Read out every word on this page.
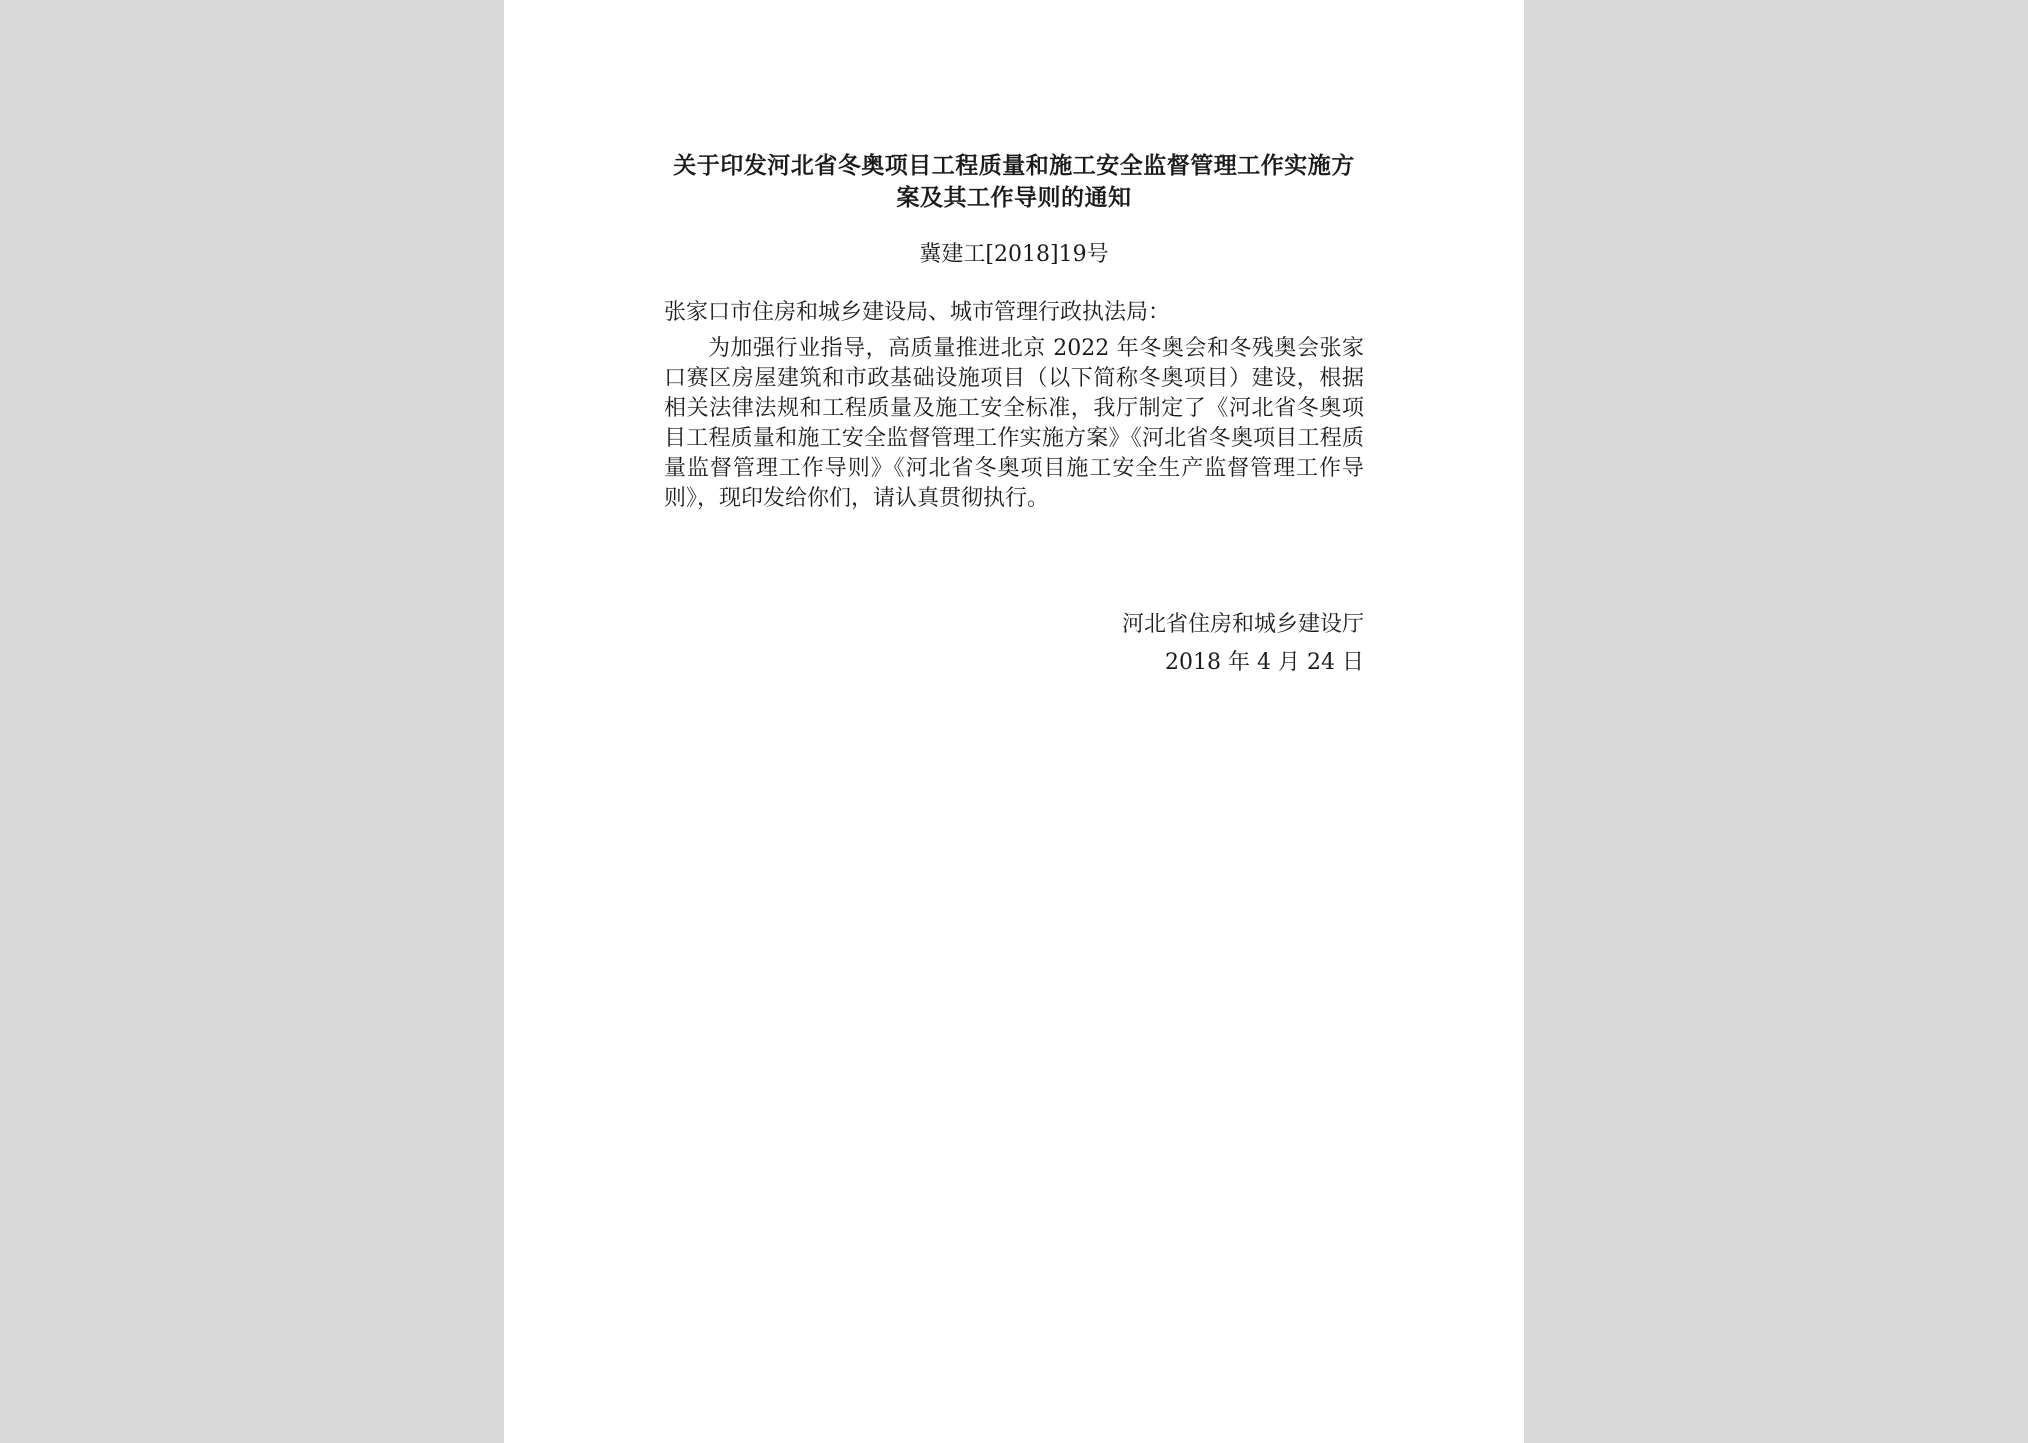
关于印发河北省冬奥项目工程质量和施工安全监督管理工作实施方案及其工作导则的通知
冀建工[2018]19号
张家口市住房和城乡建设局、城市管理行政执法局：

为加强行业指导，高质量推进北京 2022 年冬奥会和冬残奥会张家口赛区房屋建筑和市政基础设施项目（以下简称冬奥项目）建设，根据相关法律法规和工程质量及施工安全标准，我厅制定了《河北省冬奥项目工程质量和施工安全监督管理工作实施方案》《河北省冬奥项目工程质量监督管理工作导则》《河北省冬奥项目施工安全生产监督管理工作导则》，现印发给你们，请认真贯彻执行。

河北省住房和城乡建设厅
2018 年 4 月 24 日
